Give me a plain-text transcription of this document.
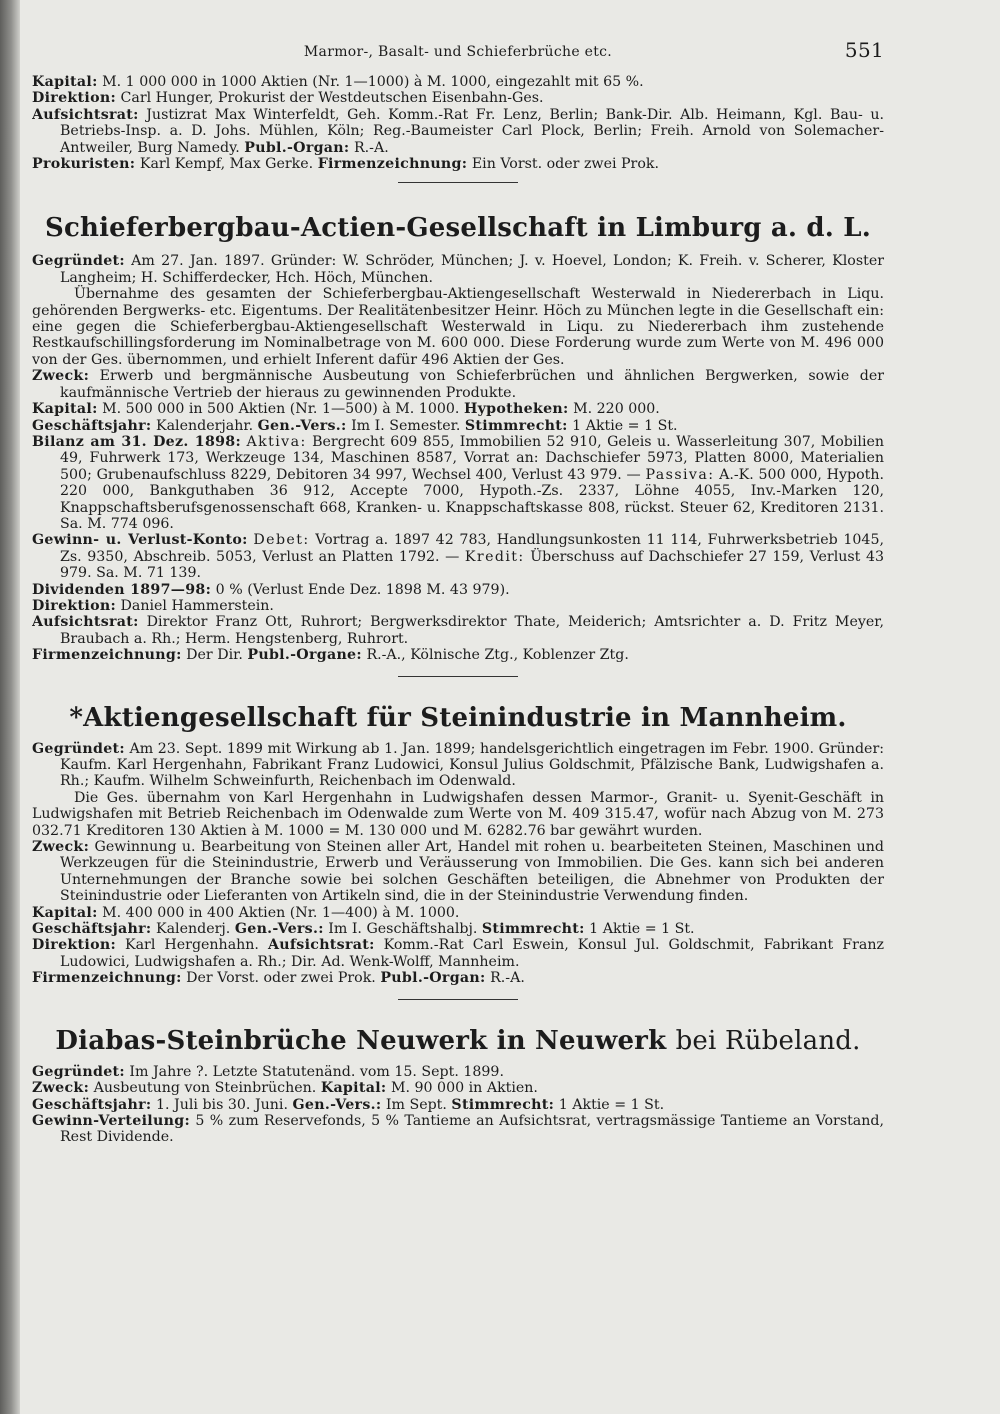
Marmor-, Basalt- und Schieferbrüche etc.	551

Kapital: M. 1 000 000 in 1000 Aktien (Nr. 1—1000) à M. 1000, eingezahlt mit 65 %.

Direktion: Carl Hunger, Prokurist der Westdeutschen Eisenbahn-Ges.

Aufsichtsrat: Justizrat Max Winterfeldt, Geh. Komm.-Rat Fr. Lenz, Berlin; Bank-Dir. Alb. Heimann, Kgl. Bau- u. Betriebs-Insp. a. D. Johs. Mühlen, Köln; Reg.-Baumeister Carl Plock, Berlin; Freih. Arnold von Solemacher-Antweiler, Burg Namedy. Publ.-Organ: R.-A.

Prokuristen: Karl Kempf, Max Gerke. Firmenzeichnung: Ein Vorst. oder zwei Prok.

Schieferbergbau-Actien-Gesellschaft in Limburg a. d. L.

Gegründet: Am 27. Jan. 1897. Gründer: W. Schröder, München; J. v. Hoevel, London; K. Freih. v. Scherer, Kloster Langheim; H. Schifferdecker, Hch. Höch, München.

Übernahme des gesamten der Schieferbergbau-Aktiengesellschaft Westerwald in Niedererbach in Liqu. gehörenden Bergwerks- etc. Eigentums. Der Realitätenbesitzer Heinr. Höch zu München legte in die Gesellschaft ein: eine gegen die Schieferbergbau-Aktiengesellschaft Westerwald in Liqu. zu Niedererbach ihm zustehende Restkaufschillingsforderung im Nominalbetrage von M. 600 000. Diese Forderung wurde zum Werte von M. 496 000 von der Ges. übernommen, und erhielt Inferent dafür 496 Aktien der Ges.

Zweck: Erwerb und bergmännische Ausbeutung von Schieferbrüchen und ähnlichen Bergwerken, sowie der kaufmännische Vertrieb der hieraus zu gewinnenden Produkte.

Kapital: M. 500 000 in 500 Aktien (Nr. 1—500) à M. 1000. Hypotheken: M. 220 000.

Geschäftsjahr: Kalenderjahr. Gen.-Vers.: Im I. Semester. Stimmrecht: 1 Aktie = 1 St.

Bilanz am 31. Dez. 1898: Aktiva: Bergrecht 609 855, Immobilien 52 910, Geleis u. Wasserleitung 307, Mobilien 49, Fuhrwerk 173, Werkzeuge 134, Maschinen 8587, Vorrat an: Dachschiefer 5973, Platten 8000, Materialien 500; Grubenaufschluss 8229, Debitoren 34 997, Wechsel 400, Verlust 43 979. — Passiva: A.-K. 500 000, Hypoth. 220 000, Bankguthaben 36 912, Accepte 7000, Hypoth.-Zs. 2337, Löhne 4055, Inv.-Marken 120, Knappschaftsberufsgenossenschaft 668, Kranken- u. Knappschaftskasse 808, rückst. Steuer 62, Kreditoren 2131. Sa. M. 774 096.

Gewinn- u. Verlust-Konto: Debet: Vortrag a. 1897 42 783, Handlungsunkosten 11 114, Fuhrwerksbetrieb 1045, Zs. 9350, Abschreib. 5053, Verlust an Platten 1792. — Kredit: Überschuss auf Dachschiefer 27 159, Verlust 43 979. Sa. M. 71 139.

Dividenden 1897—98: 0 % (Verlust Ende Dez. 1898 M. 43 979).

Direktion: Daniel Hammerstein.

Aufsichtsrat: Direktor Franz Ott, Ruhrort; Bergwerksdirektor Thate, Meiderich; Amtsrichter a. D. Fritz Meyer, Braubach a. Rh.; Herm. Hengstenberg, Ruhrort.

Firmenzeichnung: Der Dir. Publ.-Organe: R.-A., Kölnische Ztg., Koblenzer Ztg.

*Aktiengesellschaft für Steinindustrie in Mannheim.

Gegründet: Am 23. Sept. 1899 mit Wirkung ab 1. Jan. 1899; handelsgerichtlich eingetragen im Febr. 1900. Gründer: Kaufm. Karl Hergenhahn, Fabrikant Franz Ludowici, Konsul Julius Goldschmit, Pfälzische Bank, Ludwigshafen a. Rh.; Kaufm. Wilhelm Schweinfurth, Reichenbach im Odenwald.

Die Ges. übernahm von Karl Hergenhahn in Ludwigshafen dessen Marmor-, Granit- u. Syenit-Geschäft in Ludwigshafen mit Betrieb Reichenbach im Odenwalde zum Werte von M. 409 315.47, wofür nach Abzug von M. 273 032.71 Kreditoren 130 Aktien à M. 1000 = M. 130 000 und M. 6282.76 bar gewährt wurden.

Zweck: Gewinnung u. Bearbeitung von Steinen aller Art, Handel mit rohen u. bearbeiteten Steinen, Maschinen und Werkzeugen für die Steinindustrie, Erwerb und Veräusserung von Immobilien. Die Ges. kann sich bei anderen Unternehmungen der Branche sowie bei solchen Geschäften beteiligen, die Abnehmer von Produkten der Steinindustrie oder Lieferanten von Artikeln sind, die in der Steinindustrie Verwendung finden.

Kapital: M. 400 000 in 400 Aktien (Nr. 1—400) à M. 1000.

Geschäftsjahr: Kalenderj. Gen.-Vers.: Im I. Geschäftshalbj. Stimmrecht: 1 Aktie = 1 St.

Direktion: Karl Hergenhahn. Aufsichtsrat: Komm.-Rat Carl Eswein, Konsul Jul. Goldschmit, Fabrikant Franz Ludowici, Ludwigshafen a. Rh.; Dir. Ad. Wenk-Wolff, Mannheim.

Firmenzeichnung: Der Vorst. oder zwei Prok. Publ.-Organ: R.-A.

Diabas-Steinbrüche Neuwerk in Neuwerk bei Rübeland.

Gegründet: Im Jahre ?. Letzte Statutenänd. vom 15. Sept. 1899.

Zweck: Ausbeutung von Steinbrüchen. Kapital: M. 90 000 in Aktien.

Geschäftsjahr: 1. Juli bis 30. Juni. Gen.-Vers.: Im Sept. Stimmrecht: 1 Aktie = 1 St.

Gewinn-Verteilung: 5 % zum Reservefonds, 5 % Tantieme an Aufsichtsrat, vertragsmässige Tantieme an Vorstand, Rest Dividende.
